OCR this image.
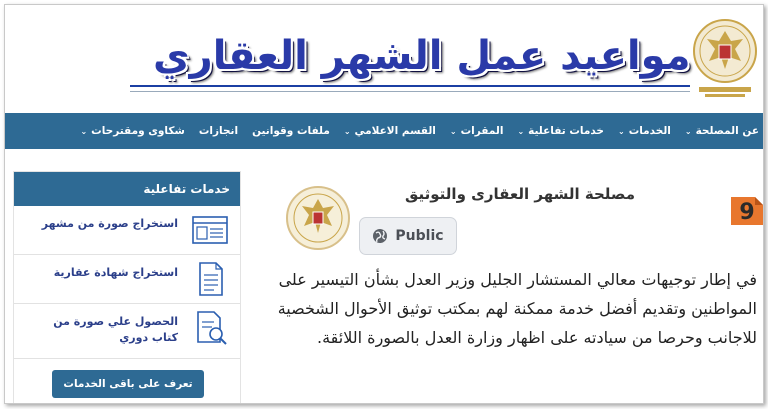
مواعيد عمل الشهر العقاري
عن المصلحة
⌄
الخدمات
⌄
خدمات تفاعلية
⌄
المقرات
⌄
القسم الاعلامي
⌄
ملفات وقوانين
انجازات
شكاوى ومقترحات
⌄
خدمات تفاعلية
استخراج صورة من مشهر
استخراج شهادة عقارية
الحصول علي صورة من كتاب دوري
تعرف على باقى الخدمات
مصلحة الشهر العقارى والتوثيق
Public
في إطار توجيهات معالي المستشار الجليل وزير العدل بشأن التيسير على المواطنين وتقديم أفضل خدمة ممكنة لهم بمكتب توثيق الأحوال الشخصية للاجانب وحرصا من سيادته على اظهار وزارة العدل بالصورة اللائقة.
9
